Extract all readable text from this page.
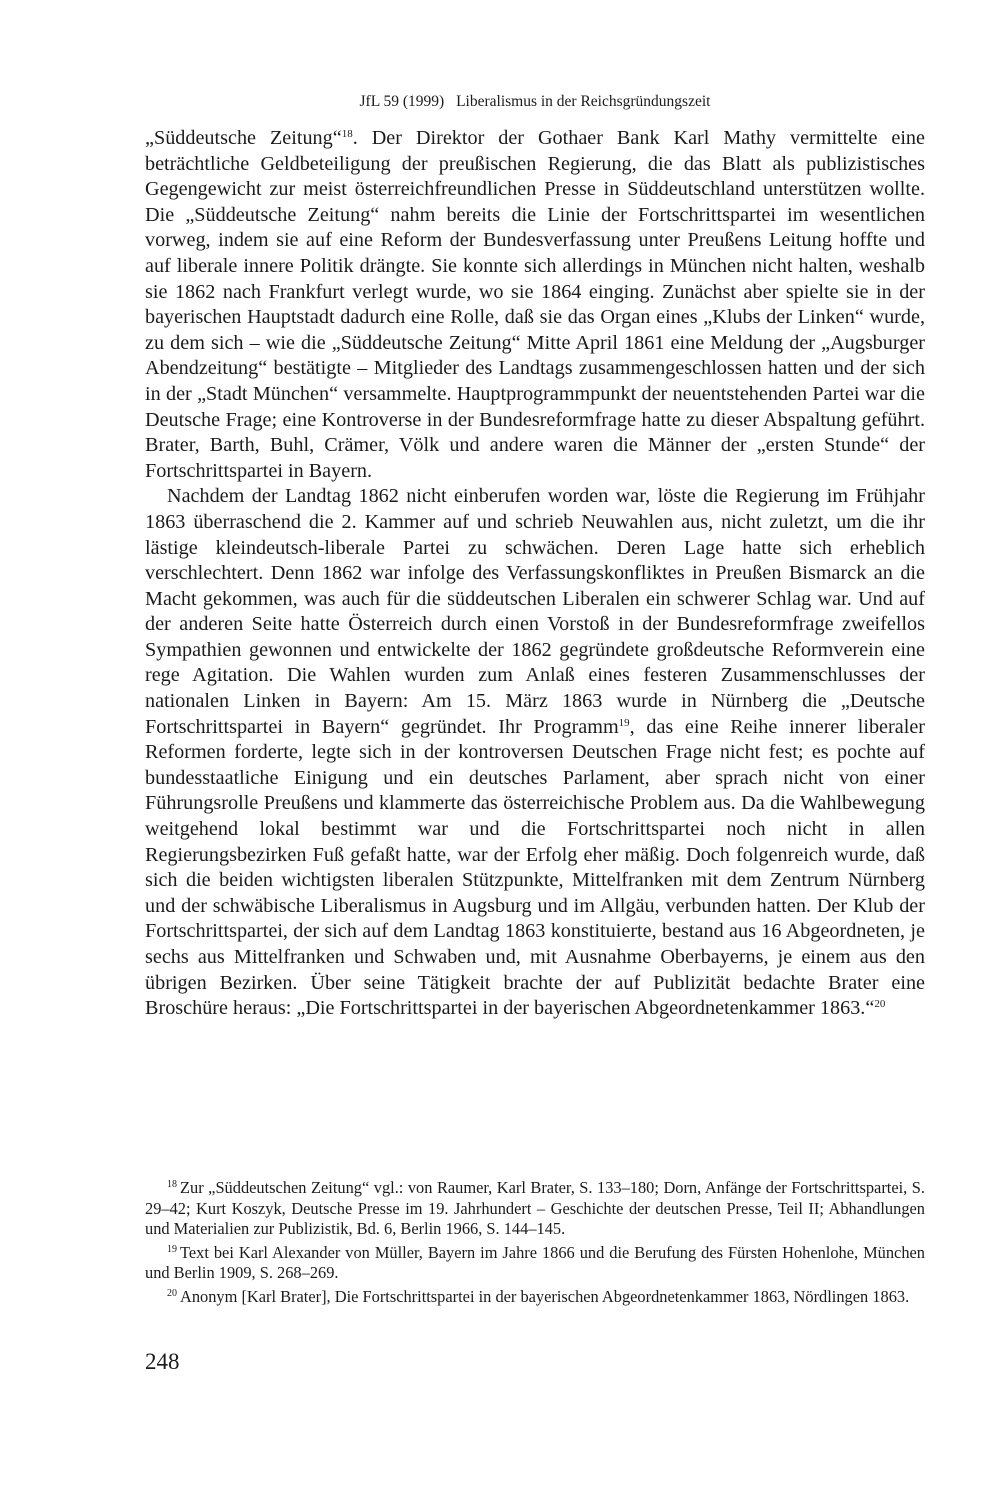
JfL 59 (1999) Liberalismus in der Reichsgründungszeit

„Süddeutsche Zeitung“$^{18}$. Der Direktor der Gothaer Bank Karl Mathy vermittelte eine beträchtliche Geldbeteiligung der preußischen Regierung, die das Blatt als publizistisches Gegengewicht zur meist österreichfreundlichen Presse in Süddeutschland unterstützen wollte. Die „Süddeutsche Zeitung“ nahm bereits die Linie der Fortschrittspartei im wesentlichen vorweg, indem sie auf eine Reform der Bundesverfassung unter Preußens Leitung hoffte und auf liberale innere Politik drängte. Sie konnte sich allerdings in München nicht halten, weshalb sie 1862 nach Frankfurt verlegt wurde, wo sie 1864 einging. Zunächst aber spielte sie in der bayerischen Hauptstadt dadurch eine Rolle, daß sie das Organ eines „Klubs der Linken“ wurde, zu dem sich – wie die „Süddeutsche Zeitung“ Mitte April 1861 eine Meldung der „Augsburger Abendzeitung“ bestätigte – Mitglieder des Landtags zusammengeschlossen hatten und der sich in der „Stadt München“ versammelte. Hauptprogrammpunkt der neuentstehenden Partei war die Deutsche Frage; eine Kontroverse in der Bundesreformfrage hatte zu dieser Abspaltung geführt. Brater, Barth, Buhl, Crämer, Völk und andere waren die Männer der „ersten Stunde“ der Fortschrittspartei in Bayern.

Nachdem der Landtag 1862 nicht einberufen worden war, löste die Regierung im Frühjahr 1863 überraschend die 2. Kammer auf und schrieb Neuwahlen aus, nicht zuletzt, um die ihr lästige kleindeutsch-liberale Partei zu schwächen. Deren Lage hatte sich erheblich verschlechtert. Denn 1862 war infolge des Verfassungskonfliktes in Preußen Bismarck an die Macht gekommen, was auch für die süddeutschen Liberalen ein schwerer Schlag war. Und auf der anderen Seite hatte Österreich durch einen Vorstoß in der Bundesreformfrage zweifellos Sympathien gewonnen und entwickelte der 1862 gegründete großdeutsche Reformverein eine rege Agitation. Die Wahlen wurden zum Anlaß eines festeren Zusammenschlusses der nationalen Linken in Bayern: Am 15. März 1863 wurde in Nürnberg die „Deutsche Fortschrittspartei in Bayern“ gegründet. Ihr Programm$^{19}$, das eine Reihe innerer liberaler Reformen forderte, legte sich in der kontroversen Deutschen Frage nicht fest; es pochte auf bundesstaatliche Einigung und ein deutsches Parlament, aber sprach nicht von einer Führungsrolle Preußens und klammerte das österreichische Problem aus. Da die Wahlbewegung weitgehend lokal bestimmt war und die Fortschrittspartei noch nicht in allen Regierungsbezirken Fuß gefaßt hatte, war der Erfolg eher mäßig. Doch folgenreich wurde, daß sich die beiden wichtigsten liberalen Stützpunkte, Mittelfranken mit dem Zentrum Nürnberg und der schwäbische Liberalismus in Augsburg und im Allgäu, verbunden hatten. Der Klub der Fortschrittspartei, der sich auf dem Landtag 1863 konstituierte, bestand aus 16 Abgeordneten, je sechs aus Mittelfranken und Schwaben und, mit Ausnahme Oberbayerns, je einem aus den übrigen Bezirken. Über seine Tätigkeit brachte der auf Publizität bedachte Brater eine Broschüre heraus: „Die Fortschrittspartei in der bayerischen Abgeordnetenkammer 1863.“$^{20}$

$^{18}$ Zur „Süddeutschen Zeitung“ vgl.: von Raumer, Karl Brater, S. 133–180; Dorn, Anfänge der Fortschrittspartei, S. 29–42; Kurt Koszyk, Deutsche Presse im 19. Jahrhundert – Geschichte der deutschen Presse, Teil II; Abhandlungen und Materialien zur Publizistik, Bd. 6, Berlin 1966, S. 144–145.

$^{19}$ Text bei Karl Alexander von Müller, Bayern im Jahre 1866 und die Berufung des Fürsten Hohenlohe, München und Berlin 1909, S. 268–269.

$^{20}$ Anonym [Karl Brater], Die Fortschrittspartei in der bayerischen Abgeordnetenkammer 1863, Nördlingen 1863.

248
